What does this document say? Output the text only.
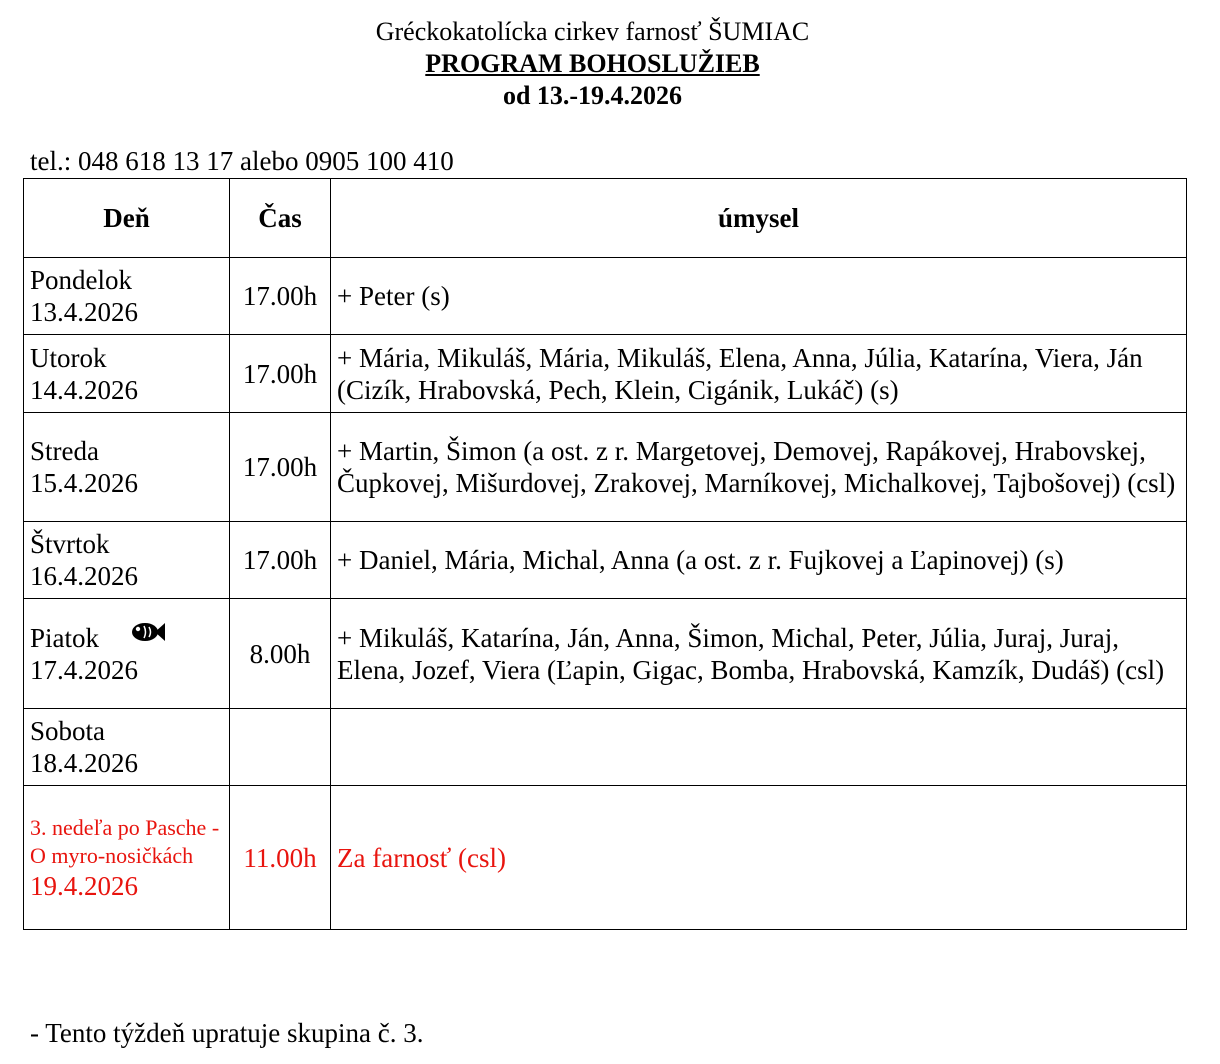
Gréckokatolícka cirkev farnosť ŠUMIAC
PROGRAM BOHOSLUŽIEB
od 13.-19.4.2026
tel.: 048 618 13 17 alebo 0905 100 410
Deň	Čas	úmysel

Pondelok
13.4.2026	17.00h	+ Peter (s)

Utorok
14.4.2026	17.00h	+ Mária, Mikuláš, Mária, Mikuláš, Elena, Anna, Júlia, Katarína, Viera, Ján (Cizík, Hrabovská, Pech, Klein, Cigánik, Lukáč) (s)

Streda
15.4.2026	17.00h	+ Martin, Šimon (a ost. z r. Margetovej, Demovej, Rapákovej, Hrabovskej, Čupkovej, Mišurdovej, Zrakovej, Marníkovej, Michalkovej, Tajbošovej) (csl)

Štvrtok
16.4.2026	17.00h	+ Daniel, Mária, Michal, Anna (a ost. z r. Fujkovej a Ľapinovej) (s)

Piatok
17.4.2026	8.00h	+ Mikuláš, Katarína, Ján, Anna, Šimon, Michal, Peter, Júlia, Juraj, Juraj, Elena, Jozef, Viera (Ľapin, Gigac, Bomba, Hrabovská, Kamzík, Dudáš) (csl)

Sobota
18.4.2026		

3. nedeľa po Pasche - O myro-nosičkách
19.4.2026	11.00h	Za farnosť (csl)
- Tento týždeň upratuje skupina č. 3.
